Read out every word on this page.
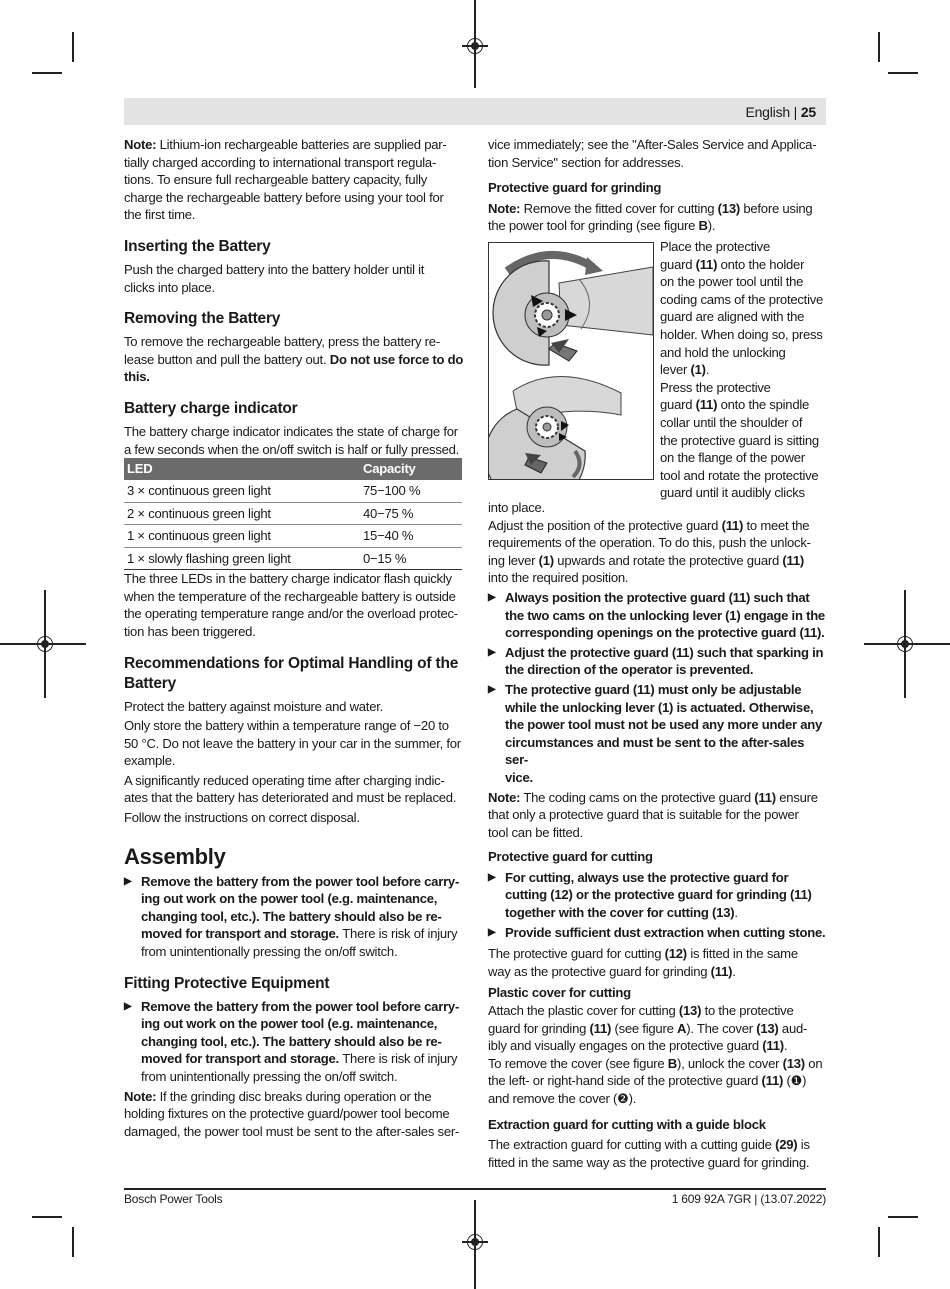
English | 25

Note: Lithium-ion rechargeable batteries are supplied par-

tially charged according to international transport regula-

tions. To ensure full rechargeable battery capacity, fully

charge the rechargeable battery before using your tool for

the first time.

Inserting the Battery

Push the charged battery into the battery holder until it

clicks into place.

Removing the Battery

To remove the rechargeable battery, press the battery re-

lease button and pull the battery out. Do not use force to do

this.

Battery charge indicator

The battery charge indicator indicates the state of charge for

a few seconds when the on/off switch is half or fully pressed.

LED	Capacity
3 × continuous green light	75−100 %
2 × continuous green light	40−75 %
1 × continuous green light	15−40 %
1 × slowly flashing green light	0−15 %

The three LEDs in the battery charge indicator flash quickly

when the temperature of the rechargeable battery is outside

the operating temperature range and/or the overload protec-

tion has been triggered.

Recommendations for Optimal Handling of the

Battery

Protect the battery against moisture and water.

Only store the battery within a temperature range of −20 to

50 °C. Do not leave the battery in your car in the summer, for

example.

A significantly reduced operating time after charging indic-

ates that the battery has deteriorated and must be replaced.

Follow the instructions on correct disposal.

Assembly

▶ Remove the battery from the power tool before carry-

ing out work on the power tool (e.g. maintenance,

changing tool, etc.). The battery should also be re-

moved for transport and storage. There is risk of injury

from unintentionally pressing the on/off switch.

Fitting Protective Equipment

▶ Remove the battery from the power tool before carry-

ing out work on the power tool (e.g. maintenance,

changing tool, etc.). The battery should also be re-

moved for transport and storage. There is risk of injury

from unintentionally pressing the on/off switch.

Note: If the grinding disc breaks during operation or the

holding fixtures on the protective guard/power tool become

damaged, the power tool must be sent to the after-sales ser-

vice immediately; see the "After-Sales Service and Applica-

tion Service" section for addresses.

Protective guard for grinding

Note: Remove the fitted cover for cutting (13) before using

the power tool for grinding (see figure B).

Place the protective

guard (11) onto the holder

on the power tool until the

coding cams of the protective

guard are aligned with the

holder. When doing so, press

and hold the unlocking

lever (1).

Press the protective

guard (11) onto the spindle

collar until the shoulder of

the protective guard is sitting

on the flange of the power

tool and rotate the protective

guard until it audibly clicks

into place.

Adjust the position of the protective guard (11) to meet the

requirements of the operation. To do this, push the unlock-

ing lever (1) upwards and rotate the protective guard (11)

into the required position.

▶ Always position the protective guard (11) such that

the two cams on the unlocking lever (1) engage in the

corresponding openings on the protective guard (11).

▶ Adjust the protective guard (11) such that sparking in

the direction of the operator is prevented.

▶ The protective guard (11) must only be adjustable

while the unlocking lever (1) is actuated. Otherwise,

the power tool must not be used any more under any

circumstances and must be sent to the after-sales ser-

vice.

Note: The coding cams on the protective guard (11) ensure

that only a protective guard that is suitable for the power

tool can be fitted.

Protective guard for cutting

▶ For cutting, always use the protective guard for

cutting (12) or the protective guard for grinding (11)

together with the cover for cutting (13).

▶ Provide sufficient dust extraction when cutting stone.

The protective guard for cutting (12) is fitted in the same

way as the protective guard for grinding (11).

Plastic cover for cutting

Attach the plastic cover for cutting (13) to the protective

guard for grinding (11) (see figure A). The cover (13) aud-

ibly and visually engages on the protective guard (11).

To remove the cover (see figure B), unlock the cover (13) on

the left- or right-hand side of the protective guard (11) (❶)

and remove the cover (❷).

Extraction guard for cutting with a guide block

The extraction guard for cutting with a cutting guide (29) is

fitted in the same way as the protective guard for grinding.

Bosch Power Tools	1 609 92A 7GR | (13.07.2022)
